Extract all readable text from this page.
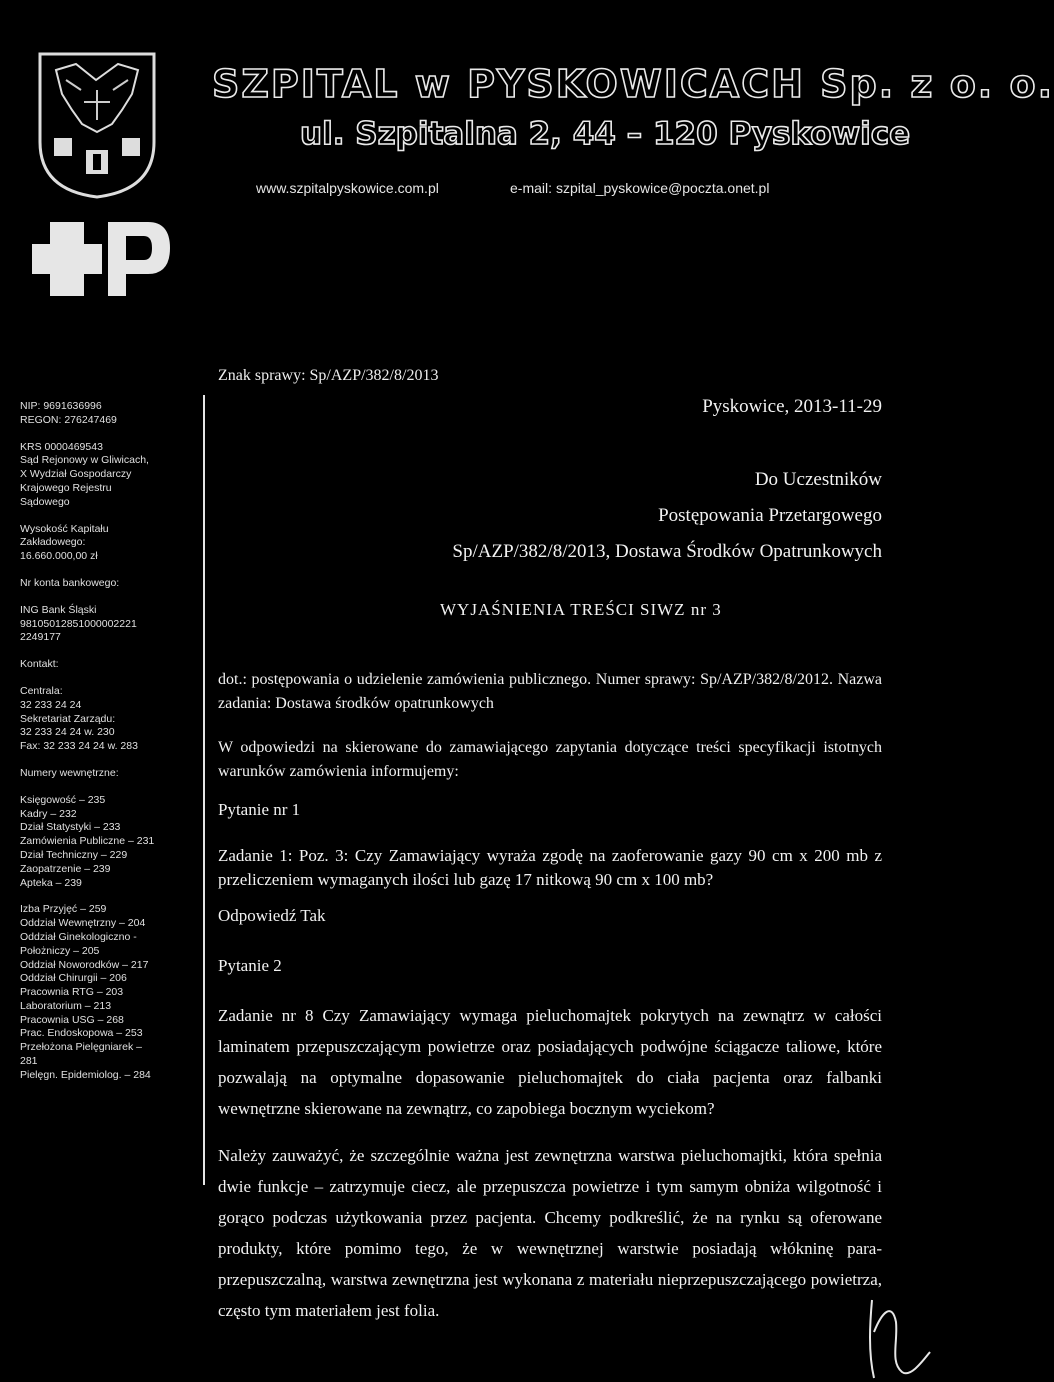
SZPITAL w PYSKOWICACH Sp. z o. o.
ul. Szpitalna 2, 44 – 120 Pyskowice
www.szpitalpyskowice.com.pl	e-mail: szpital_pyskowice@poczta.onet.pl
NIP: 9691636996
REGON: 276247469
KRS 0000469543
Sąd Rejonowy w Gliwicach,
X Wydział Gospodarczy
Krajowego Rejestru
Sądowego
Wysokość Kapitału
Zakładowego:
16.660.000,00 zł
Nr konta bankowego:
ING Bank Śląski
98105012851000002221
2249177
Kontakt:
Centrala:
32 233 24 24
Sekretariat Zarządu:
32 233 24 24 w. 230
Fax: 32 233 24 24 w. 283
Numery wewnętrzne:
Księgowość – 235
Kadry – 232
Dział Statystyki – 233
Zamówienia Publiczne – 231
Dział Techniczny – 229
Zaopatrzenie – 239
Apteka – 239
Izba Przyjęć – 259
Oddział Wewnętrzny – 204
Oddział Ginekologiczno -
Położniczy – 205
Oddział Noworodków – 217
Oddział Chirurgii – 206
Pracownia RTG – 203
Laboratorium – 213
Pracownia USG – 268
Prac. Endoskopowa – 253
Przełożona Pielęgniarek –
281
Pielęgn. Epidemiolog. – 284
Znak sprawy: Sp/AZP/382/8/2013
Pyskowice, 2013-11-29
Do Uczestników
Postępowania Przetargowego
Sp/AZP/382/8/2013, Dostawa Środków Opatrunkowych
WYJAŚNIENIA TREŚCI SIWZ nr 3

dot.: postępowania o udzielenie zamówienia publicznego. Numer sprawy: Sp/AZP/382/8/2012. Nazwa zadania: Dostawa środków opatrunkowych

W odpowiedzi na skierowane do zamawiającego zapytania dotyczące treści specyfikacji istotnych warunków zamówienia informujemy:

Pytanie nr 1

Zadanie 1: Poz. 3: Czy Zamawiający wyraża zgodę na zaoferowanie gazy 90 cm x 200 mb z przeliczeniem wymaganych ilości lub gazę 17 nitkową 90 cm x 100 mb?

Odpowiedź Tak
Pytanie 2

Zadanie nr 8 Czy Zamawiający wymaga pieluchomajtek pokrytych na zewnątrz w całości laminatem przepuszczającym powietrze oraz posiadających podwójne ściągacze taliowe, które pozwalają na optymalne dopasowanie pieluchomajtek do ciała pacjenta oraz falbanki wewnętrzne skierowane na zewnątrz, co zapobiega bocznym wyciekom?

Należy zauważyć, że szczególnie ważna jest zewnętrzna warstwa pieluchomajtki, która spełnia dwie funkcje – zatrzymuje ciecz, ale przepuszcza powietrze i tym samym obniża wilgotność i gorąco podczas użytkowania przez pacjenta. Chcemy podkreślić, że na rynku są oferowane produkty, które pomimo tego, że w wewnętrznej warstwie posiadają włókninę para-przepuszczalną, warstwa zewnętrzna jest wykonana z materiału nieprzepuszczającego powietrza, często tym materiałem jest folia.
